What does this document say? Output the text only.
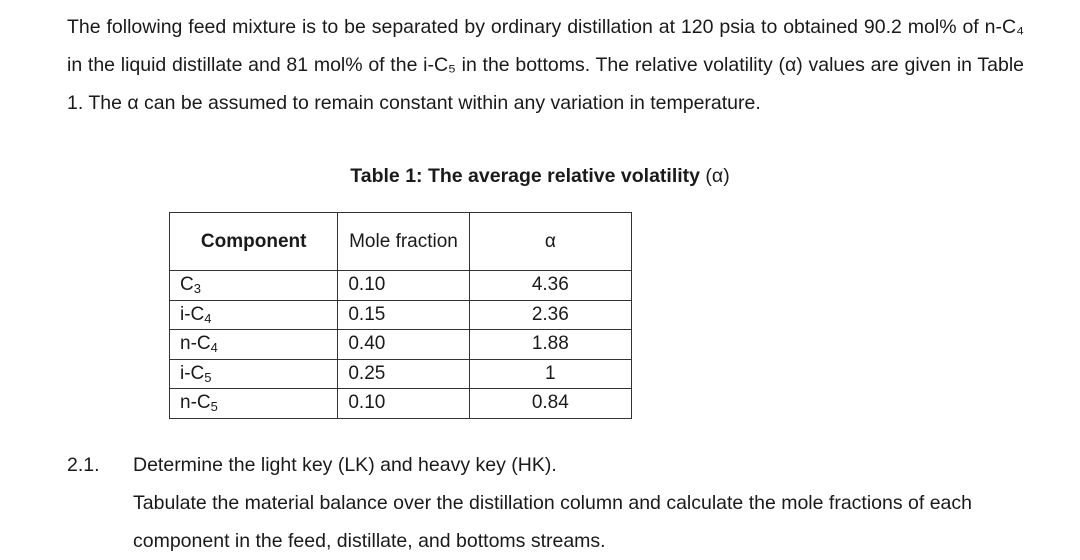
The following feed mixture is to be separated by ordinary distillation at 120 psia to obtained 90.2 mol% of n-C₄ in the liquid distillate and 81 mol% of the i-C₅ in the bottoms. The relative volatility (α) values are given in Table 1. The α can be assumed to remain constant within any variation in temperature.

Table 1: The average relative volatility (α)
Component	Mole fraction	α
$C_3$	0.10	4.36
$i-C_4$	0.15	2.36
$n-C_4$	0.40	1.88
$i-C_5$	0.25	1
$n-C_5$	0.10	0.84
2.1. Determine the light key (LK) and heavy key (HK).
Tabulate the material balance over the distillation column and calculate the mole fractions of each component in the feed, distillate, and bottoms streams.
